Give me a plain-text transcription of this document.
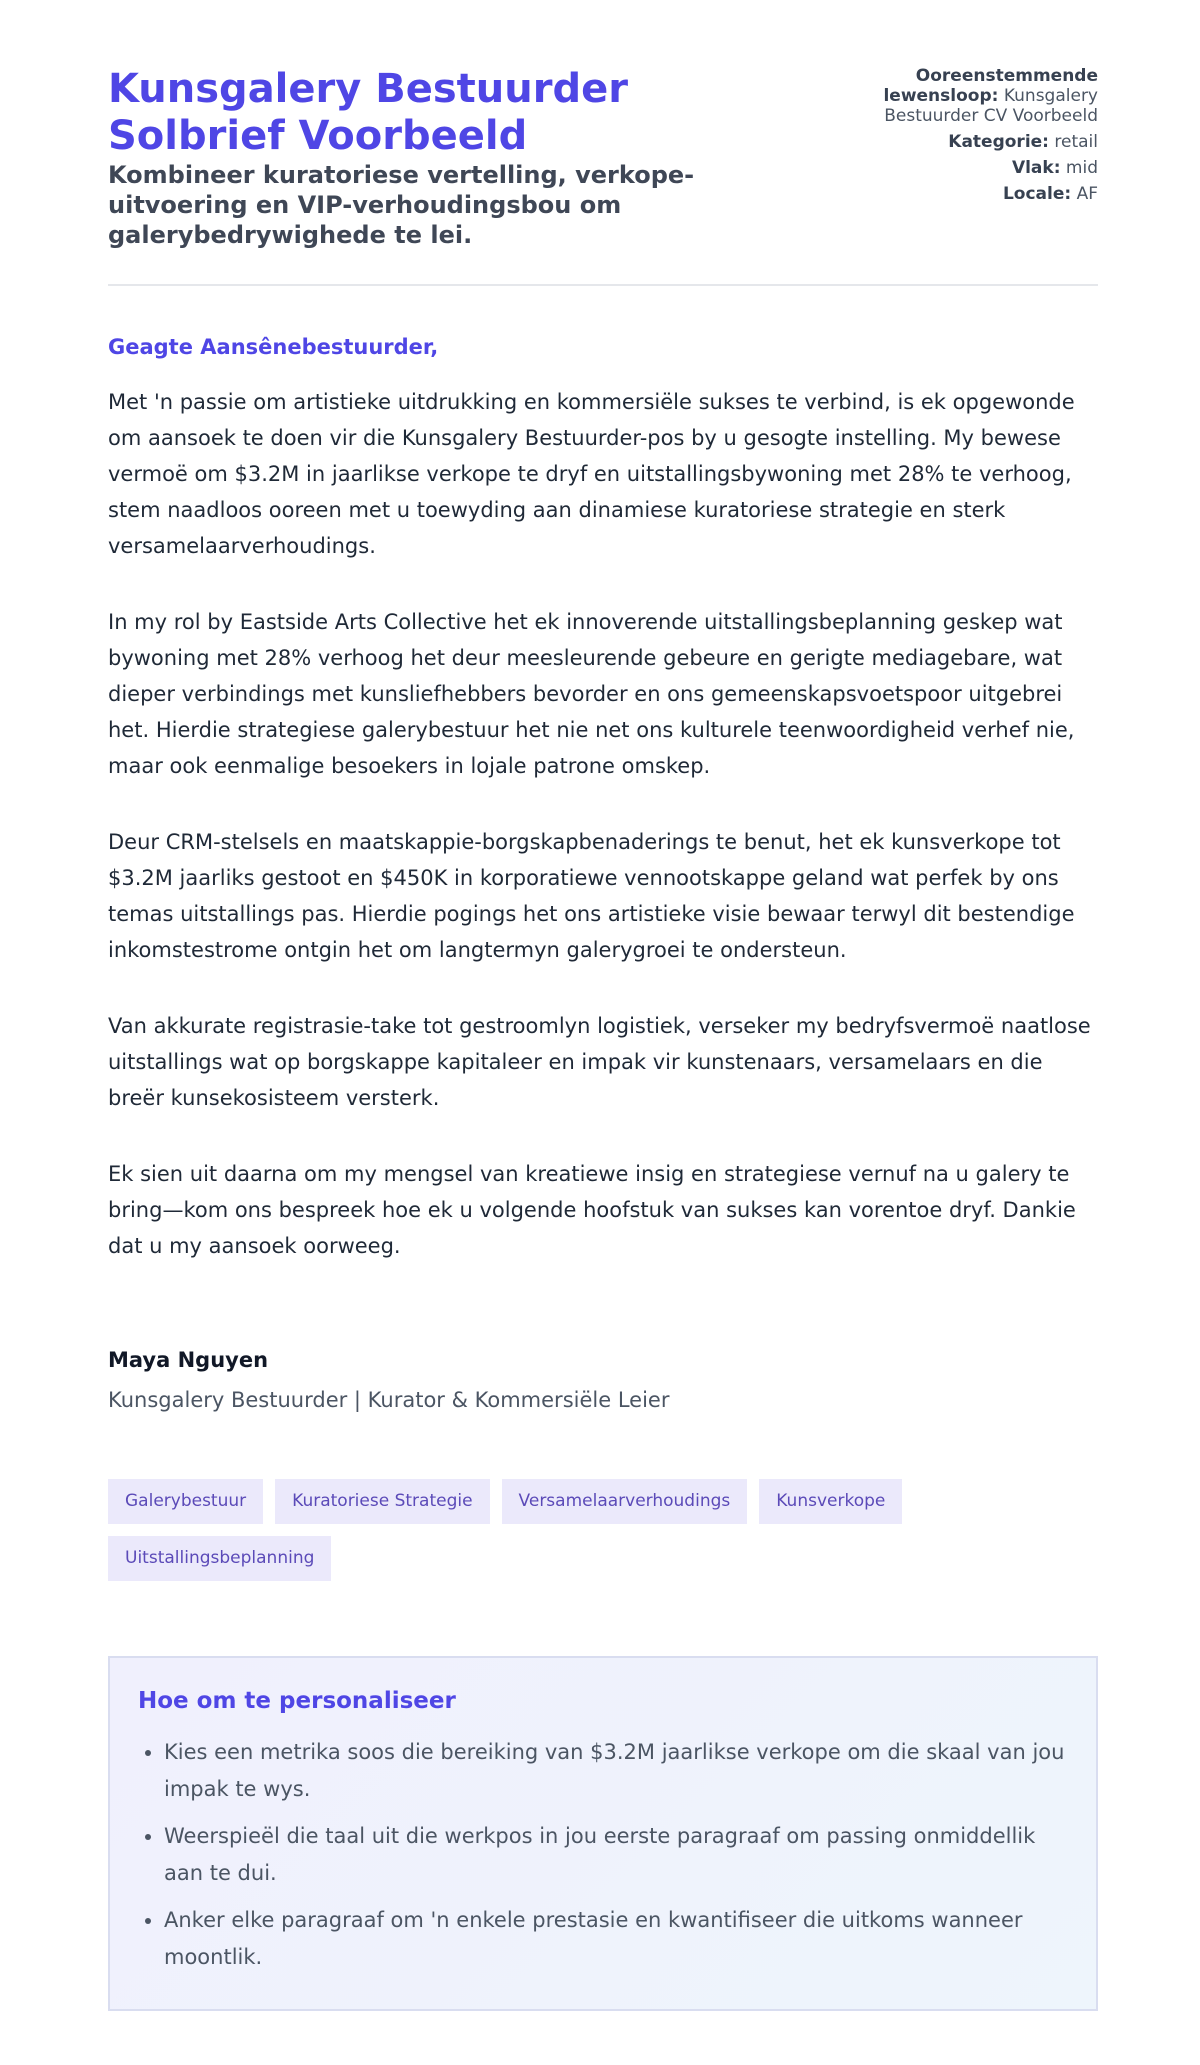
Kunsgalery Bestuurder Solbrief Voorbeeld
Kombineer kuratoriese vertelling, verkope-uitvoering en VIP-verhoudingsbou om galerybedrywighede te lei.
Ooreenstemmende lewensloop: Kunsgalery Bestuurder CV Voorbeeld
Kategorie: retail
Vlak: mid
Locale: AF

Geagte Aansênebestuurder,

Met 'n passie om artistieke uitdrukking en kommersiële sukses te verbind, is ek opgewonde om aansoek te doen vir die Kunsgalery Bestuurder-pos by u gesogte instelling. My bewese vermoë om $3.2M in jaarlikse verkope te dryf en uitstallingsbywoning met 28% te verhoog, stem naadloos ooreen met u toewyding aan dinamiese kuratoriese strategie en sterk versamelaarverhoudings.

In my rol by Eastside Arts Collective het ek innoverende uitstallingsbeplanning geskep wat bywoning met 28% verhoog het deur meesleurende gebeure en gerigte mediagebare, wat dieper verbindings met kunsliefhebbers bevorder en ons gemeenskapsvoetspoor uitgebrei het. Hierdie strategiese galerybestuur het nie net ons kulturele teenwoordigheid verhef nie, maar ook eenmalige besoekers in lojale patrone omskep.

Deur CRM-stelsels en maatskappie-borgskapbenaderings te benut, het ek kunsverkope tot $3.2M jaarliks gestoot en $450K in korporatiewe vennootskappe geland wat perfek by ons temas uitstallings pas. Hierdie pogings het ons artistieke visie bewaar terwyl dit bestendige inkomstestrome ontgin het om langtermyn galerygroei te ondersteun.

Van akkurate registrasie-take tot gestroomlyn logistiek, verseker my bedryfsvermoë naatlose uitstallings wat op borgskappe kapitaleer en impak vir kunstenaars, versamelaars en die breër kunsekosisteem versterk.

Ek sien uit daarna om my mengsel van kreatiewe insig en strategiese vernuf na u galery te bring—kom ons bespreek hoe ek u volgende hoofstuk van sukses kan vorentoe dryf. Dankie dat u my aansoek oorweeg.

Maya Nguyen
Kunsgalery Bestuurder | Kurator & Kommersiële Leier
Galerybestuur	Kuratoriese Strategie	Versamelaarverhoudings	Kunsverkope
Uitstallingsbeplanning
Hoe om te personaliseer
• Kies een metrika soos die bereiking van $3.2M jaarlikse verkope om die skaal van jou impak te wys.
• Weerspieël die taal uit die werkpos in jou eerste paragraaf om passing onmiddellik aan te dui.
• Anker elke paragraaf om 'n enkele prestasie en kwantifiseer die uitkoms wanneer moontlik.
